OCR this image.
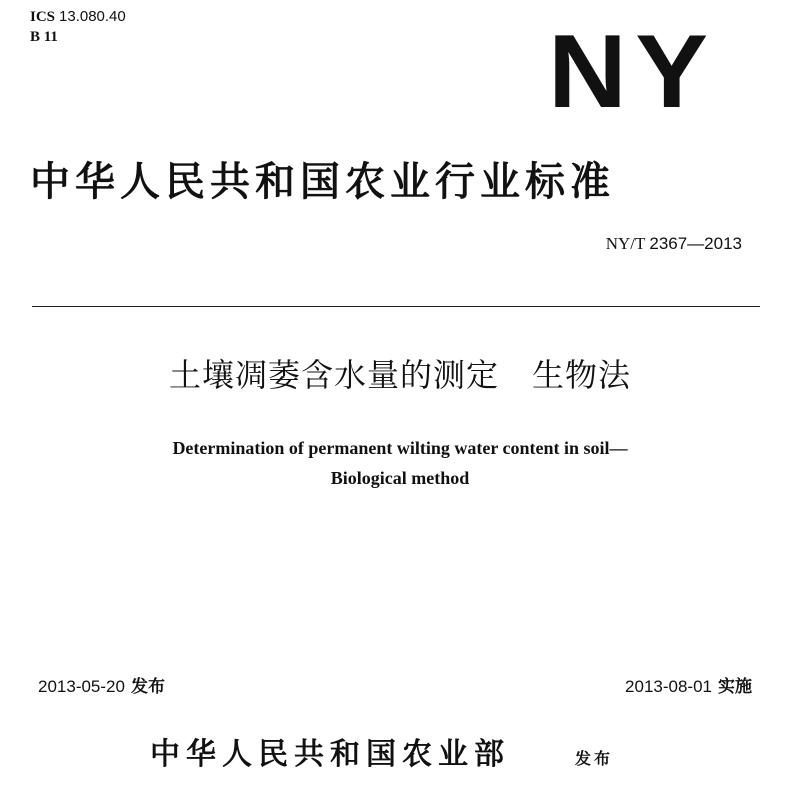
ICS 13.080.40
B 11	NY
中华人民共和国农业行业标准
NY/T 2367—2013
土壤凋萎含水量的测定　生物法
Determination of permanent wilting water content in soil—
Biological method
2013-05-20 发布	2013-08-01 实施
中华人民共和国农业部	发布
